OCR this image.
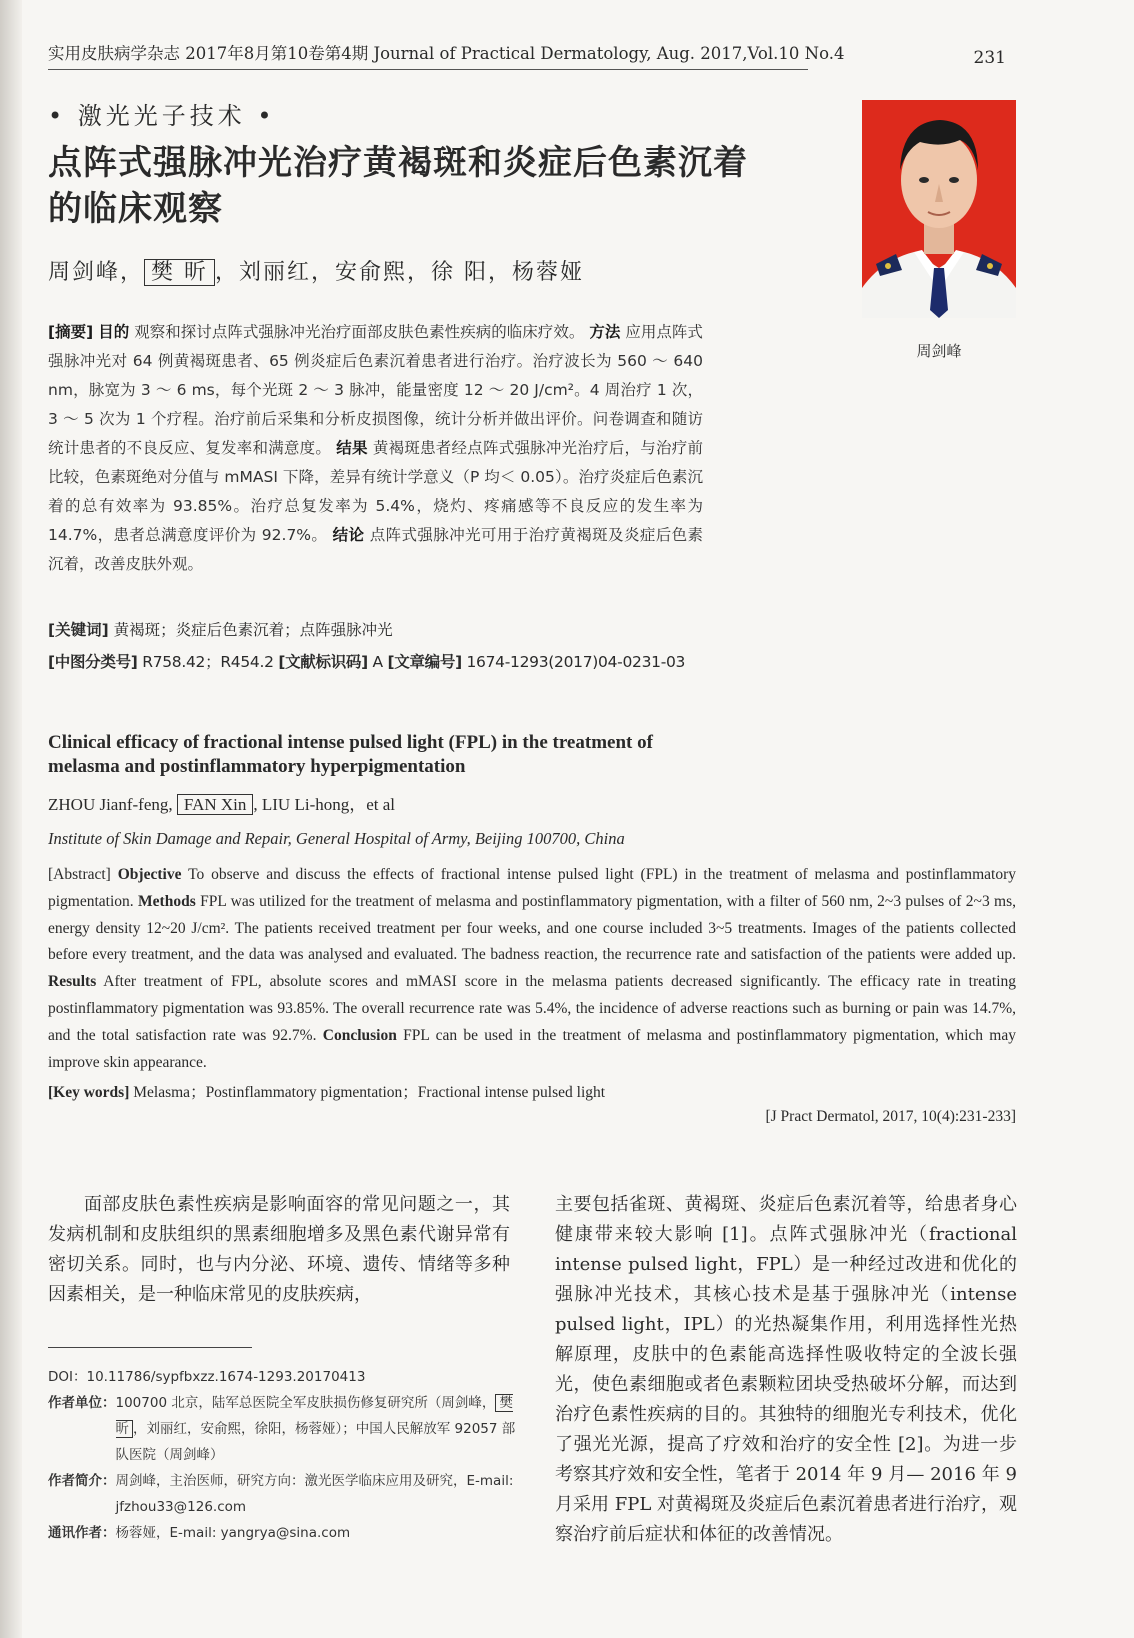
实用皮肤病学杂志 2017年8月第10卷第4期 Journal of Practical Dermatology, Aug. 2017,Vol.10 No.4	231
• 激光光子技术 •
点阵式强脉冲光治疗黄褐斑和炎症后色素沉着的临床观察
周剑峰， 樊 昕 ，刘丽红，安俞熙，徐 阳，杨蓉娅
周剑峰
[摘要] 目的 观察和探讨点阵式强脉冲光治疗面部皮肤色素性疾病的临床疗效。 方法 应用点阵式强脉冲光对 64 例黄褐斑患者、65 例炎症后色素沉着患者进行治疗。治疗波长为 560 ～ 640 nm，脉宽为 3 ～ 6 ms，每个光斑 2 ～ 3 脉冲，能量密度 12 ～ 20 J/cm²。4 周治疗 1 次，3 ～ 5 次为 1 个疗程。治疗前后采集和分析皮损图像，统计分析并做出评价。问卷调查和随访统计患者的不良反应、复发率和满意度。 结果 黄褐斑患者经点阵式强脉冲光治疗后，与治疗前比较，色素斑绝对分值与 mMASI 下降，差异有统计学意义（P 均＜ 0.05）。治疗炎症后色素沉着的总有效率为 93.85%。治疗总复发率为 5.4%，烧灼、疼痛感等不良反应的发生率为 14.7%，患者总满意度评价为 92.7%。 结论 点阵式强脉冲光可用于治疗黄褐斑及炎症后色素沉着，改善皮肤外观。
[关键词] 黄褐斑；炎症后色素沉着；点阵强脉冲光
[中图分类号] R758.42；R454.2 [文献标识码] A [文章编号] 1674-1293(2017)04-0231-03
Clinical efficacy of fractional intense pulsed light (FPL) in the treatment of melasma and postinflammatory hyperpigmentation
ZHOU Jianf-feng, FAN Xin , LIU Li-hong，et al
Institute of Skin Damage and Repair, General Hospital of Army, Beijing 100700, China
[Abstract] Objective To observe and discuss the effects of fractional intense pulsed light (FPL) in the treatment of melasma and postinflammatory pigmentation. Methods FPL was utilized for the treatment of melasma and postinflammatory pigmentation, with a filter of 560 nm, 2~3 pulses of 2~3 ms, energy density 12~20 J/cm². The patients received treatment per four weeks, and one course included 3~5 treatments. Images of the patients collected before every treatment, and the data was analysed and evaluated. The badness reaction, the recurrence rate and satisfaction of the patients were added up. Results After treatment of FPL, absolute scores and mMASI score in the melasma patients decreased significantly. The efficacy rate in treating postinflammatory pigmentation was 93.85%. The overall recurrence rate was 5.4%, the incidence of adverse reactions such as burning or pain was 14.7%, and the total satisfaction rate was 92.7%. Conclusion FPL can be used in the treatment of melasma and postinflammatory pigmentation, which may improve skin appearance.
[Key words] Melasma；Postinflammatory pigmentation；Fractional intense pulsed light
[J Pract Dermatol, 2017, 10(4):231-233]
面部皮肤色素性疾病是影响面容的常见问题之一，其发病机制和皮肤组织的黑素细胞增多及黑色素代谢异常有密切关系。同时，也与内分泌、环境、遗传、情绪等多种因素相关，是一种临床常见的皮肤疾病，
主要包括雀斑、黄褐斑、炎症后色素沉着等，给患者身心健康带来较大影响 [1]。点阵式强脉冲光（fractional intense pulsed light，FPL）是一种经过改进和优化的强脉冲光技术，其核心技术是基于强脉冲光（intense pulsed light，IPL）的光热凝集作用，利用选择性光热解原理，皮肤中的色素能高选择性吸收特定的全波长强光，使色素细胞或者色素颗粒团块受热破坏分解，而达到治疗色素性疾病的目的。其独特的细胞光专利技术，优化了强光光源，提高了疗效和治疗的安全性 [2]。为进一步考察其疗效和安全性，笔者于 2014 年 9 月— 2016 年 9 月采用 FPL 对黄褐斑及炎症后色素沉着患者进行治疗，观察治疗前后症状和体征的改善情况。
DOI：10.11786/sypfbxzz.1674-1293.20170413
作者单位： 100700 北京，陆军总医院全军皮肤损伤修复研究所（周剑峰， 樊昕 ，刘丽红，安俞熙，徐阳，杨蓉娅）；中国人民解放军 92057 部队医院（周剑峰）
作者简介： 周剑峰，主治医师，研究方向：激光医学临床应用及研究，E-mail: jfzhou33@126.com
通讯作者： 杨蓉娅，E-mail: yangrya@sina.com
